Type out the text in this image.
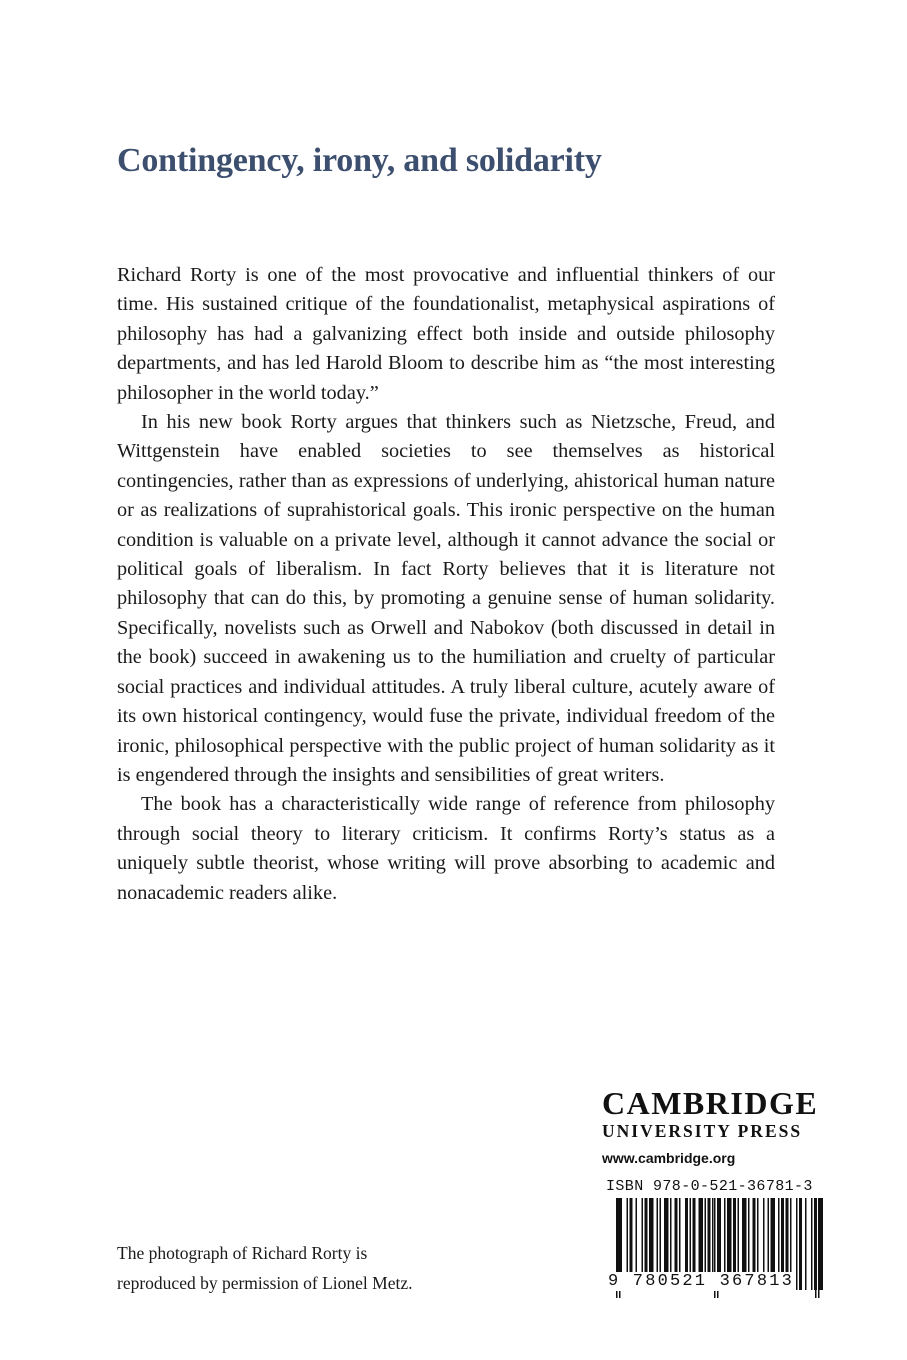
Contingency, irony, and solidarity

Richard Rorty is one of the most provocative and influential thinkers of our time. His sustained critique of the foundationalist, metaphysical aspirations of philosophy has had a galvanizing effect both inside and outside philosophy departments, and has led Harold Bloom to describe him as “the most interesting philosopher in the world today.”

In his new book Rorty argues that thinkers such as Nietzsche, Freud, and Wittgenstein have enabled societies to see themselves as historical contingencies, rather than as expressions of underlying, ahistorical human nature or as realizations of suprahistorical goals. This ironic perspective on the human condition is valuable on a private level, although it cannot advance the social or political goals of liberalism. In fact Rorty believes that it is literature not philosophy that can do this, by promoting a genuine sense of human solidarity. Specifically, novelists such as Orwell and Nabokov (both discussed in detail in the book) succeed in awakening us to the humiliation and cruelty of particular social practices and individual attitudes. A truly liberal culture, acutely aware of its own historical contingency, would fuse the private, individual freedom of the ironic, philosophical perspective with the public project of human solidarity as it is engendered through the insights and sensibilities of great writers.

The book has a characteristically wide range of reference from philosophy through social theory to literary criticism. It confirms Rorty’s status as a uniquely subtle theorist, whose writing will prove absorbing to academic and nonacademic readers alike.

CAMBRIDGE
UNIVERSITY PRESS
www.cambridge.org
ISBN 978-0-521-36781-3
9 780521 367813
The photograph of Richard Rorty is
reproduced by permission of Lionel Metz.
